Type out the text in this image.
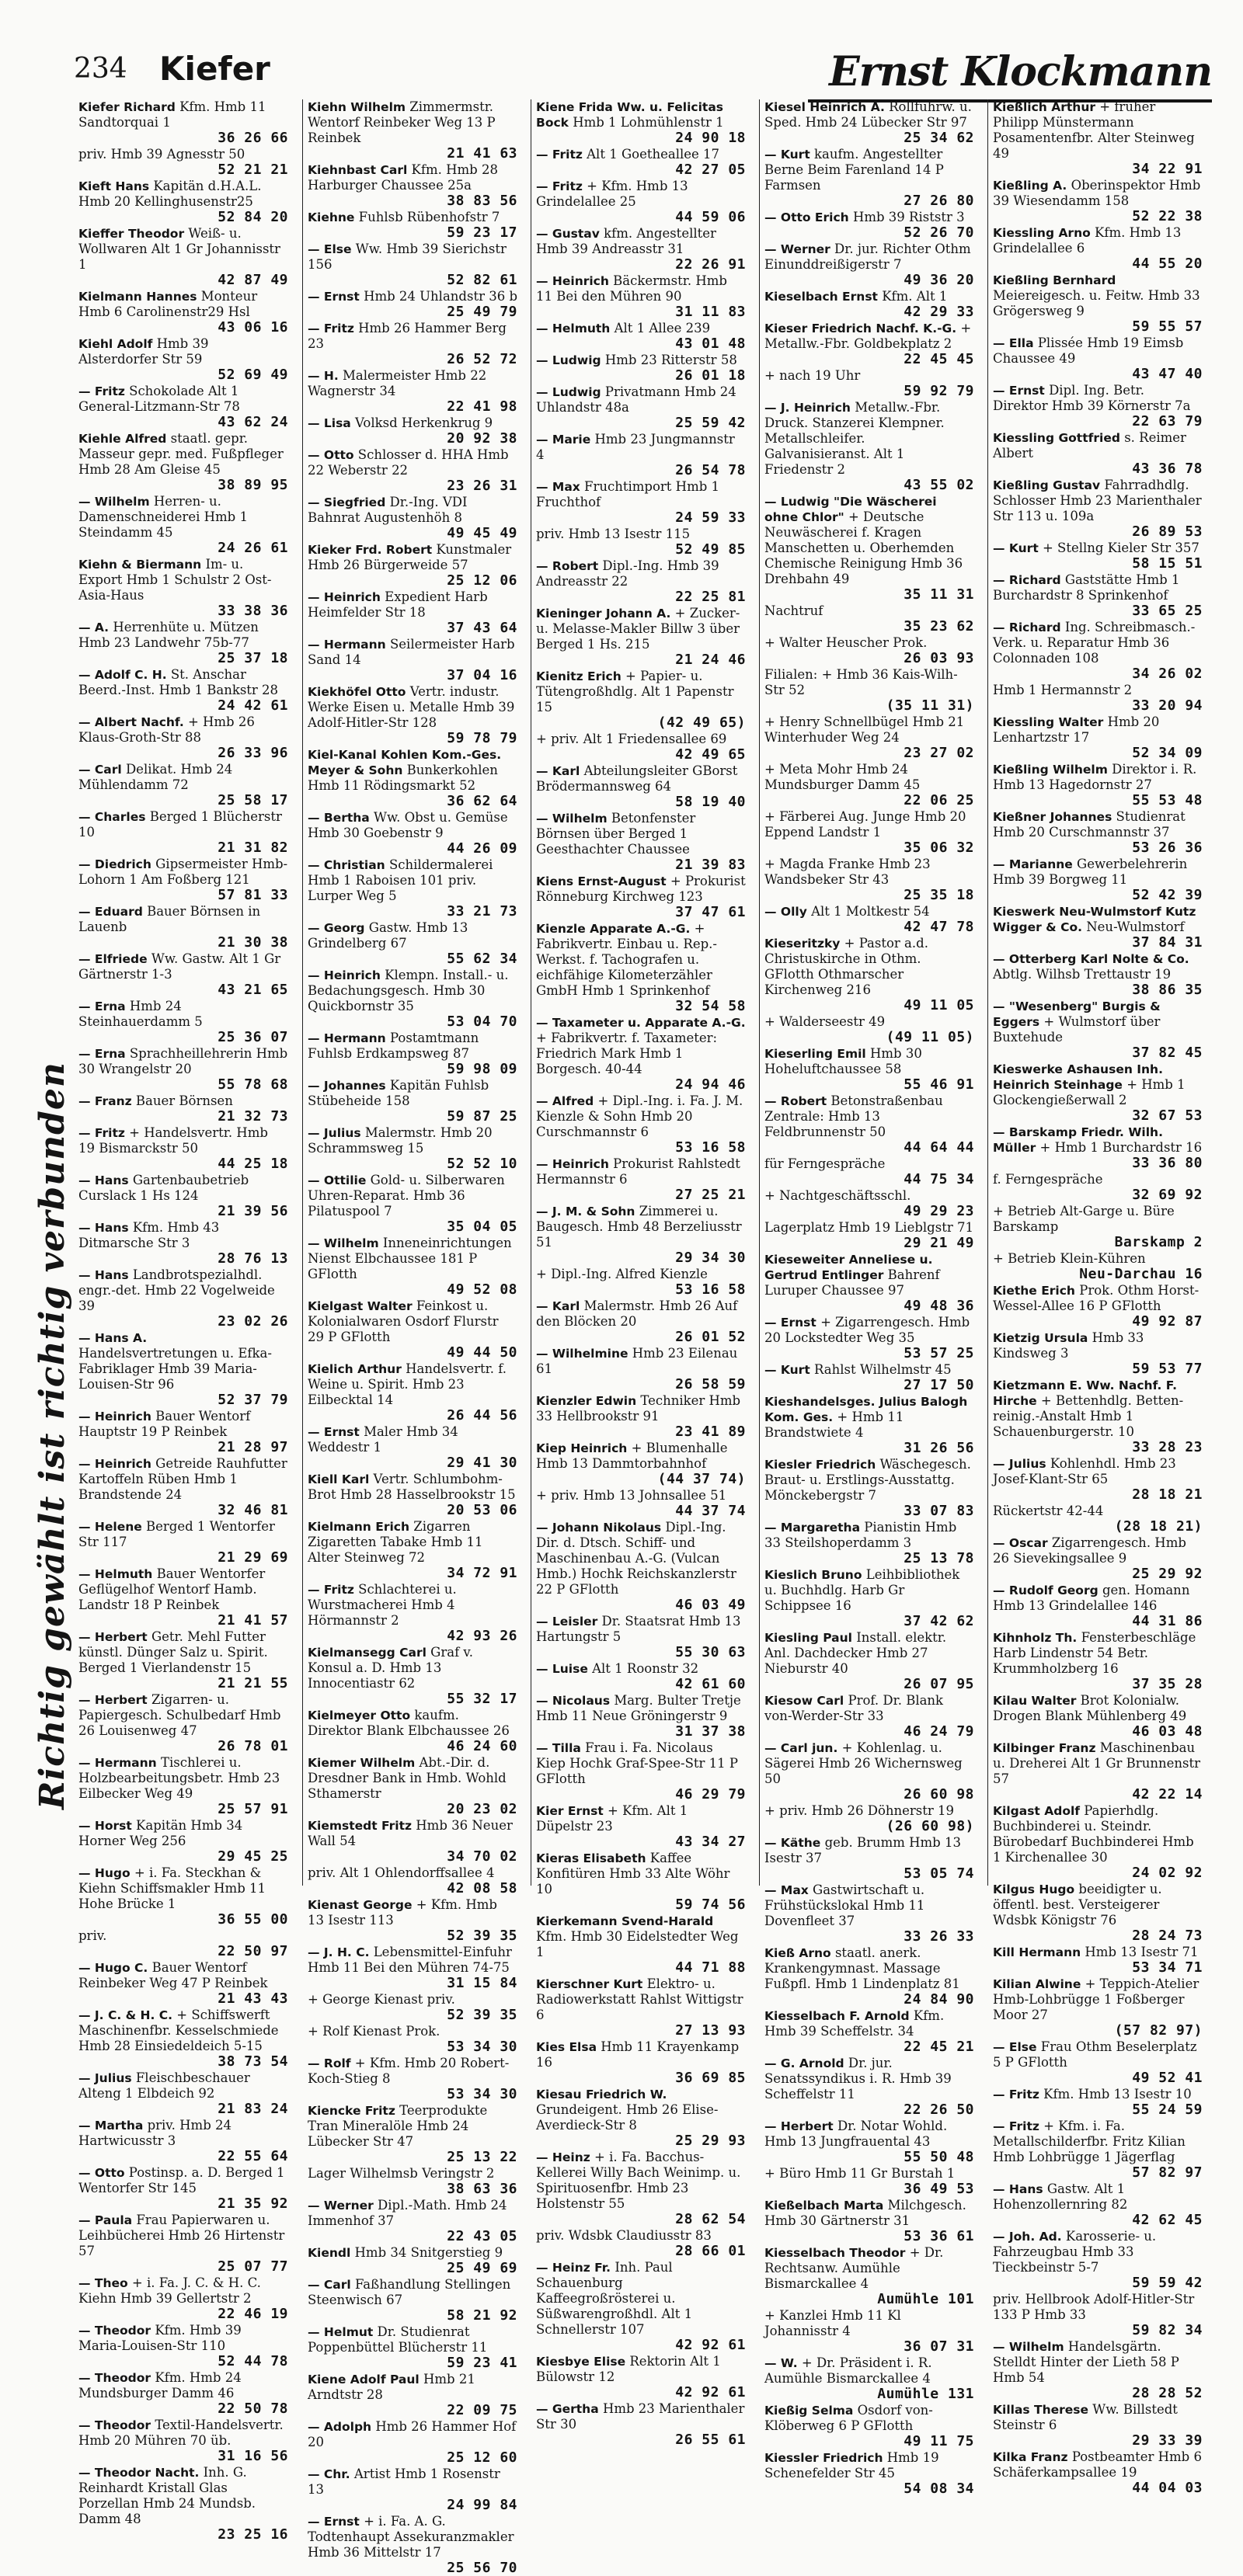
234 Kiefer	Ernst Klockmann
Richtig gewählt ist richtig verbunden
Kiefer Richard Kfm. Hmb 11 Sandtorquai 1
36 26 66
priv. Hmb 39 Agnesstr 50
52 21 21
Kieft Hans Kapitän d.H.A.L. Hmb 20 Kellinghusenstr25
52 84 20
Kieffer Theodor Weiß- u. Wollwaren Alt 1 Gr Johannisstr 1
42 87 49
Kielmann Hannes Monteur Hmb 6 Carolinenstr29 Hsl
43 06 16
Kiehl Adolf Hmb 39 Alsterdorfer Str 59
52 69 49
— Fritz Schokolade Alt 1 General-Litzmann-Str 78
43 62 24
Kiehle Alfred staatl. gepr. Masseur gepr. med. Fußpfleger Hmb 28 Am Gleise 45
38 89 95
— Wilhelm Herren- u. Damenschneiderei Hmb 1 Steindamm 45
24 26 61
Kiehn & Biermann Im- u. Export Hmb 1 Schulstr 2 Ost-Asia-Haus
33 38 36
— A. Herrenhüte u. Mützen Hmb 23 Landwehr 75b-77
25 37 18
— Adolf C. H. St. Anschar Beerd.-Inst. Hmb 1 Bankstr 28
24 42 61
— Albert Nachf. + Hmb 26 Klaus-Groth-Str 88
26 33 96
— Carl Delikat. Hmb 24 Mühlendamm 72
25 58 17
— Charles Berged 1 Blücherstr 10
21 31 82
— Diedrich Gipsermeister Hmb-Lohorn 1 Am Foßberg 121
57 81 33
— Eduard Bauer Börnsen in Lauenb
21 30 38
— Elfriede Ww. Gastw. Alt 1 Gr Gärtnerstr 1-3
43 21 65
— Erna Hmb 24 Steinhauerdamm 5
25 36 07
— Erna Sprachheillehrerin Hmb 30 Wrangelstr 20
55 78 68
— Franz Bauer Börnsen
21 32 73
— Fritz + Handelsvertr. Hmb 19 Bismarckstr 50
44 25 18
— Hans Gartenbaubetrieb Curslack 1 Hs 124
21 39 56
— Hans Kfm. Hmb 43 Ditmarsche Str 3
28 76 13
— Hans Landbrotspezialhdl. engr.-det. Hmb 22 Vogelweide 39
23 02 26
— Hans A. Handelsvertretungen u. Efka-Fabriklager Hmb 39 Maria-Louisen-Str 96
52 37 79
— Heinrich Bauer Wentorf Hauptstr 19 P Reinbek
21 28 97
— Heinrich Getreide Rauhfutter Kartoffeln Rüben Hmb 1 Brandstende 24
32 46 81
— Helene Berged 1 Wentorfer Str 117
21 29 69
— Helmuth Bauer Wentorfer Geflügelhof Wentorf Hamb. Landstr 18 P Reinbek
21 41 57
— Herbert Getr. Mehl Futter künstl. Dünger Salz u. Spirit. Berged 1 Vierlandenstr 15
21 21 55
— Herbert Zigarren- u. Papiergesch. Schulbedarf Hmb 26 Louisenweg 47
26 78 01
— Hermann Tischlerei u. Holzbearbeitungsbetr. Hmb 23 Eilbecker Weg 49
25 57 91
— Horst Kapitän Hmb 34 Horner Weg 256
29 45 25
— Hugo + i. Fa. Steckhan & Kiehn Schiffsmakler Hmb 11 Hohe Brücke 1
36 55 00
priv.
22 50 97
— Hugo C. Bauer Wentorf Reinbeker Weg 47 P Reinbek
21 43 43
— J. C. & H. C. + Schiffswerft Maschinenfbr. Kesselschmiede Hmb 28 Einsiedeldeich 5-15
38 73 54
— Julius Fleischbeschauer Alteng 1 Elbdeich 92
21 83 24
— Martha priv. Hmb 24 Hartwicusstr 3
22 55 64
— Otto Postinsp. a. D. Berged 1 Wentorfer Str 145
21 35 92
— Paula Frau Papierwaren u. Leihbücherei Hmb 26 Hirtenstr 57
25 07 77
— Theo + i. Fa. J. C. & H. C. Kiehn Hmb 39 Gellertstr 2
22 46 19
— Theodor Kfm. Hmb 39 Maria-Louisen-Str 110
52 44 78
— Theodor Kfm. Hmb 24 Mundsburger Damm 46
22 50 78
— Theodor Textil-Handelsvertr. Hmb 20 Mühren 70 üb.
31 16 56
— Theodor Nacht. Inh. G. Reinhardt Kristall Glas Porzellan Hmb 24 Mundsb. Damm 48
23 25 16
Kiehn Wilhelm Zimmermstr. Wentorf Reinbeker Weg 13 P Reinbek
21 41 63
Kiehnbast Carl Kfm. Hmb 28 Harburger Chaussee 25a
38 83 56
Kiehne Fuhlsb Rübenhofstr 7
59 23 17
— Else Ww. Hmb 39 Sierichstr 156
52 82 61
— Ernst Hmb 24 Uhlandstr 36 b
25 49 79
— Fritz Hmb 26 Hammer Berg 23
26 52 72
— H. Malermeister Hmb 22 Wagnerstr 34
22 41 98
— Lisa Volksd Herkenkrug 9
20 92 38
— Otto Schlosser d. HHA Hmb 22 Weberstr 22
23 26 31
— Siegfried Dr.-Ing. VDI Bahnrat Augustenhöh 8
49 45 49
Kieker Frd. Robert Kunstmaler Hmb 26 Bürgerweide 57
25 12 06
— Heinrich Expedient Harb Heimfelder Str 18
37 43 64
— Hermann Seilermeister Harb Sand 14
37 04 16
Kiekhöfel Otto Vertr. industr. Werke Eisen u. Metalle Hmb 39 Adolf-Hitler-Str 128
59 78 79
Kiel-Kanal Kohlen Kom.-Ges. Meyer & Sohn Bunkerkohlen Hmb 11 Rödingsmarkt 52
36 62 64
— Bertha Ww. Obst u. Gemüse Hmb 30 Goebenstr 9
44 26 09
— Christian Schildermalerei Hmb 1 Raboisen 101 priv. Lurper Weg 5
33 21 73
— Georg Gastw. Hmb 13 Grindelberg 67
55 62 34
— Heinrich Klempn. Install.- u. Bedachungsgesch. Hmb 30 Quickbornstr 35
53 04 70
— Hermann Postamtmann Fuhlsb Erdkampsweg 87
59 98 09
— Johannes Kapitän Fuhlsb Stübeheide 158
59 87 25
— Julius Malermstr. Hmb 20 Schrammsweg 15
52 52 10
— Ottilie Gold- u. Silberwaren Uhren-Reparat. Hmb 36 Pilatuspool 7
35 04 05
— Wilhelm Inneneinrichtungen Nienst Elbchaussee 181 P GFlotth
49 52 08
Kielgast Walter Feinkost u. Kolonialwaren Osdorf Flurstr 29 P GFlotth
49 44 50
Kielich Arthur Handelsvertr. f. Weine u. Spirit. Hmb 23 Eilbecktal 14
26 44 56
— Ernst Maler Hmb 34 Weddestr 1
29 41 30
Kiell Karl Vertr. Schlumbohm-Brot Hmb 28 Hasselbrookstr 15
20 53 06
Kielmann Erich Zigarren Zigaretten Tabake Hmb 11 Alter Steinweg 72
34 72 91
— Fritz Schlachterei u. Wurstmacherei Hmb 4 Hörmannstr 2
42 93 26
Kielmansegg Carl Graf v. Konsul a. D. Hmb 13 Innocentiastr 62
55 32 17
Kielmeyer Otto kaufm. Direktor Blank Elbchaussee 26
46 24 60
Kiemer Wilhelm Abt.-Dir. d. Dresdner Bank in Hmb. Wohld Sthamerstr
20 23 02
Kiemstedt Fritz Hmb 36 Neuer Wall 54
34 70 02
priv. Alt 1 Ohlendorffsallee 4
42 08 58
Kienast George + Kfm. Hmb 13 Isestr 113
52 39 35
— J. H. C. Lebensmittel-Einfuhr Hmb 11 Bei den Mühren 74-75
31 15 84
+ George Kienast priv.
52 39 35
+ Rolf Kienast Prok.
53 34 30
— Rolf + Kfm. Hmb 20 Robert-Koch-Stieg 8
53 34 30
Kiencke Fritz Teerprodukte Tran Mineralöle Hmb 24 Lübecker Str 47
25 13 22
Lager Wilhelmsb Veringstr 2
38 63 36
— Werner Dipl.-Math. Hmb 24 Immenhof 37
22 43 05
Kiendl Hmb 34 Snitgerstieg 9
25 49 69
— Carl Faßhandlung Stellingen Steenwisch 67
58 21 92
— Helmut Dr. Studienrat Poppenbüttel Blücherstr 11
59 23 41
Kiene Adolf Paul Hmb 21 Arndtstr 28
22 09 75
— Adolph Hmb 26 Hammer Hof 20
25 12 60
— Chr. Artist Hmb 1 Rosenstr 13
24 99 84
— Ernst + i. Fa. A. G. Todtenhaupt Assekuranzmakler Hmb 36 Mittelstr 17
25 56 70
Kiene Frida Ww. u. Felicitas Bock Hmb 1 Lohmühlenstr 1
24 90 18
— Fritz Alt 1 Goetheallee 17
42 27 05
— Fritz + Kfm. Hmb 13 Grindelallee 25
44 59 06
— Gustav kfm. Angestellter Hmb 39 Andreasstr 31
22 26 91
— Heinrich Bäckermstr. Hmb 11 Bei den Mühren 90
31 11 83
— Helmuth Alt 1 Allee 239
43 01 48
— Ludwig Hmb 23 Ritterstr 58
26 01 18
— Ludwig Privatmann Hmb 24 Uhlandstr 48a
25 59 42
— Marie Hmb 23 Jungmannstr 4
26 54 78
— Max Fruchtimport Hmb 1 Fruchthof
24 59 33
priv. Hmb 13 Isestr 115
52 49 85
— Robert Dipl.-Ing. Hmb 39 Andreasstr 22
22 25 81
Kieninger Johann A. + Zucker- u. Melasse-Makler Billw 3 über Berged 1 Hs. 215
21 24 46
Kienitz Erich + Papier- u. Tütengroßhdlg. Alt 1 Papenstr 15
(42 49 65)
+ priv. Alt 1 Friedensallee 69
42 49 65
— Karl Abteilungsleiter GBorst Brödermannsweg 64
58 19 40
— Wilhelm Betonfenster Börnsen über Berged 1 Geesthachter Chaussee
21 39 83
Kiens Ernst-August + Prokurist Rönneburg Kirchweg 123
37 47 61
Kienzle Apparate A.-G. + Fabrikvertr. Einbau u. Rep.-Werkst. f. Tachografen u. eichfähige Kilometerzähler GmbH Hmb 1 Sprinkenhof
32 54 58
— Taxameter u. Apparate A.-G. + Fabrikvertr. f. Taxameter: Friedrich Mark Hmb 1 Borgesch. 40-44
24 94 46
— Alfred + Dipl.-Ing. i. Fa. J. M. Kienzle & Sohn Hmb 20 Curschmannstr 6
53 16 58
— Heinrich Prokurist Rahlstedt Hermannstr 6
27 25 21
— J. M. & Sohn Zimmerei u. Baugesch. Hmb 48 Berzeliusstr 51
29 34 30
+ Dipl.-Ing. Alfred Kienzle
53 16 58
— Karl Malermstr. Hmb 26 Auf den Blöcken 20
26 01 52
— Wilhelmine Hmb 23 Eilenau 61
26 58 59
Kienzler Edwin Techniker Hmb 33 Hellbrookstr 91
23 41 89
Kiep Heinrich + Blumenhalle Hmb 13 Dammtorbahnhof
(44 37 74)
+ priv. Hmb 13 Johnsallee 51
44 37 74
— Johann Nikolaus Dipl.-Ing. Dir. d. Dtsch. Schiff- und Maschinenbau A.-G. (Vulcan Hmb.) Hochk Reichskanzlerstr 22 P GFlotth
46 03 49
— Leisler Dr. Staatsrat Hmb 13 Hartungstr 5
55 30 63
— Luise Alt 1 Roonstr 32
42 61 60
— Nicolaus Marg. Bulter Tretje Hmb 11 Neue Gröningerstr 9
31 37 38
— Tilla Frau i. Fa. Nicolaus Kiep Hochk Graf-Spee-Str 11 P GFlotth
46 29 79
Kier Ernst + Kfm. Alt 1 Düpelstr 23
43 34 27
Kieras Elisabeth Kaffee Konfitüren Hmb 33 Alte Wöhr 10
59 74 56
Kierkemann Svend-Harald Kfm. Hmb 30 Eidelstedter Weg 1
44 71 88
Kierschner Kurt Elektro- u. Radiowerkstatt Rahlst Wittigstr 6
27 13 93
Kies Elsa Hmb 11 Krayenkamp 16
36 69 85
Kiesau Friedrich W. Grundeigent. Hmb 26 Elise-Averdieck-Str 8
25 29 93
— Heinz + i. Fa. Bacchus-Kellerei Willy Bach Weinimp. u. Spirituosenfbr. Hmb 23 Holstenstr 55
28 62 54
priv. Wdsbk Claudiusstr 83
28 66 01
— Heinz Fr. Inh. Paul Schauenburg Kaffeegroßrösterei u. Süßwarengroßhdl. Alt 1 Schnellerstr 107
42 92 61
Kiesbye Elise Rektorin Alt 1 Bülowstr 12
42 92 61
— Gertha Hmb 23 Marienthaler Str 30
26 55 61
Kiesel Heinrich A. Rollfuhrw. u. Sped. Hmb 24 Lübecker Str 97
25 34 62
— Kurt kaufm. Angestellter Berne Beim Farenland 14 P Farmsen
27 26 80
— Otto Erich Hmb 39 Riststr 3
52 26 70
— Werner Dr. jur. Richter Othm Einunddreißigerstr 7
49 36 20
Kieselbach Ernst Kfm. Alt 1
42 29 33
Kieser Friedrich Nachf. K.-G. + Metallw.-Fbr. Goldbekplatz 2
22 45 45
+ nach 19 Uhr
59 92 79
— J. Heinrich Metallw.-Fbr. Druck. Stanzerei Klempner. Metallschleifer. Galvanisieranst. Alt 1 Friedenstr 2
43 55 02
— Ludwig "Die Wäscherei ohne Chlor" + Deutsche Neuwäscherei f. Kragen Manschetten u. Oberhemden Chemische Reinigung Hmb 36 Drehbahn 49
35 11 31
Nachtruf
35 23 62
+ Walter Heuscher Prok.
26 03 93
Filialen: + Hmb 36 Kais-Wilh-Str 52
(35 11 31)
+ Henry Schnellbügel Hmb 21 Winterhuder Weg 24
23 27 02
+ Meta Mohr Hmb 24 Mundsburger Damm 45
22 06 25
+ Färberei Aug. Junge Hmb 20 Eppend Landstr 1
35 06 32
+ Magda Franke Hmb 23 Wandsbeker Str 43
25 35 18
— Olly Alt 1 Moltkestr 54
42 47 78
Kieseritzky + Pastor a.d. Christuskirche in Othm. GFlotth Othmarscher Kirchenweg 216
49 11 05
+ Walderseestr 49
(49 11 05)
Kieserling Emil Hmb 30 Hoheluftchaussee 58
55 46 91
— Robert Betonstraßenbau Zentrale: Hmb 13 Feldbrunnenstr 50
44 64 44
für Ferngespräche
44 75 34
+ Nachtgeschäftsschl.
49 29 23
Lagerplatz Hmb 19 Lieblgstr 71
29 21 49
Kieseweiter Anneliese u. Gertrud Entlinger Bahrenf Luruper Chaussee 97
49 48 36
— Ernst + Zigarrengesch. Hmb 20 Lockstedter Weg 35
53 57 25
— Kurt Rahlst Wilhelmstr 45
27 17 50
Kieshandelsges. Julius Balogh Kom. Ges. + Hmb 11 Brandstwiete 4
31 26 56
Kiesler Friedrich Wäschegesch. Braut- u. Erstlings-Ausstattg. Mönckebergstr 7
33 07 83
— Margaretha Pianistin Hmb 33 Steilshoperdamm 3
25 13 78
Kieslich Bruno Leihbibliothek u. Buchhdlg. Harb Gr Schippsee 16
37 42 62
Kiesling Paul Install. elektr. Anl. Dachdecker Hmb 27 Nieburstr 40
26 07 95
Kiesow Carl Prof. Dr. Blank von-Werder-Str 33
46 24 79
— Carl jun. + Kohlenlag. u. Sägerei Hmb 26 Wichernsweg 50
26 60 98
+ priv. Hmb 26 Döhnerstr 19
(26 60 98)
— Käthe geb. Brumm Hmb 13 Isestr 37
53 05 74
— Max Gastwirtschaft u. Frühstückslokal Hmb 11 Dovenfleet 37
33 26 33
Kieß Arno staatl. anerk. Krankengymnast. Massage Fußpfl. Hmb 1 Lindenplatz 81
24 84 90
Kiesselbach F. Arnold Kfm. Hmb 39 Scheffelstr. 34
22 45 21
— G. Arnold Dr. jur. Senatssyndikus i. R. Hmb 39 Scheffelstr 11
22 26 50
— Herbert Dr. Notar Wohld. Hmb 13 Jungfrauental 43
55 50 48
+ Büro Hmb 11 Gr Burstah 1
36 49 53
Kießelbach Marta Milchgesch. Hmb 30 Gärtnerstr 31
53 36 61
Kiesselbach Theodor + Dr. Rechtsanw. Aumühle Bismarckallee 4
Aumühle 101
+ Kanzlei Hmb 11 Kl Johannisstr 4
36 07 31
— W. + Dr. Präsident i. R. Aumühle Bismarckallee 4
Aumühle 131
Kießig Selma Osdorf von-Klöberweg 6 P GFlotth
49 11 75
Kiessler Friedrich Hmb 19 Schenefelder Str 45
54 08 34
Kießlich Arthur + früher Philipp Münstermann Posamentenfbr. Alter Steinweg 49
34 22 91
Kießling A. Oberinspektor Hmb 39 Wiesendamm 158
52 22 38
Kiessling Arno Kfm. Hmb 13 Grindelallee 6
44 55 20
Kießling Bernhard Meiereigesch. u. Feitw. Hmb 33 Grögersweg 9
59 55 57
— Ella Plissée Hmb 19 Eimsb Chaussee 49
43 47 40
— Ernst Dipl. Ing. Betr. Direktor Hmb 39 Körnerstr 7a
22 63 79
Kiessling Gottfried s. Reimer Albert
43 36 78
Kießling Gustav Fahrradhdlg. Schlosser Hmb 23 Marienthaler Str 113 u. 109a
26 89 53
— Kurt + Stellng Kieler Str 357
58 15 51
— Richard Gaststätte Hmb 1 Burchardstr 8 Sprinkenhof
33 65 25
— Richard Ing. Schreibmasch.-Verk. u. Reparatur Hmb 36 Colonnaden 108
34 26 02
Hmb 1 Hermannstr 2
33 20 94
Kiessling Walter Hmb 20 Lenhartzstr 17
52 34 09
Kießling Wilhelm Direktor i. R. Hmb 13 Hagedornstr 27
55 53 48
Kießner Johannes Studienrat Hmb 20 Curschmannstr 37
53 26 36
— Marianne Gewerbelehrerin Hmb 39 Borgweg 11
52 42 39
Kieswerk Neu-Wulmstorf Kutz Wigger & Co. Neu-Wulmstorf
37 84 31
— Otterberg Karl Nolte & Co. Abtlg. Wilhsb Trettaustr 19
38 86 35
— "Wesenberg" Burgis & Eggers + Wulmstorf über Buxtehude
37 82 45
Kieswerke Ashausen Inh. Heinrich Steinhage + Hmb 1 Glockengießerwall 2
32 67 53
— Barskamp Friedr. Wilh. Müller + Hmb 1 Burchardstr 16
33 36 80
f. Ferngespräche
32 69 92
+ Betrieb Alt-Garge u. Büre Barskamp
Barskamp 2
+ Betrieb Klein-Kühren
Neu-Darchau 16
Kiethe Erich Prok. Othm Horst-Wessel-Allee 16 P GFlotth
49 92 87
Kietzig Ursula Hmb 33 Kindsweg 3
59 53 77
Kietzmann E. Ww. Nachf. F. Hirche + Bettenhdlg. Betten-reinig.-Anstalt Hmb 1 Schauenburgerstr. 10
33 28 23
— Julius Kohlenhdl. Hmb 23 Josef-Klant-Str 65
28 18 21
Rückertstr 42-44
(28 18 21)
— Oscar Zigarrengesch. Hmb 26 Sievekingsallee 9
25 29 92
— Rudolf Georg gen. Homann Hmb 13 Grindelallee 146
44 31 86
Kihnholz Th. Fensterbeschläge Harb Lindenstr 54 Betr. Krummholzberg 16
37 35 28
Kilau Walter Brot Kolonialw. Drogen Blank Mühlenberg 49
46 03 48
Kilbinger Franz Maschinenbau u. Dreherei Alt 1 Gr Brunnenstr 57
42 22 14
Kilgast Adolf Papierhdlg. Buchbinderei u. Steindr. Bürobedarf Buchbinderei Hmb 1 Kirchenallee 30
24 02 92
Kilgus Hugo beeidigter u. öffentl. best. Versteigerer Wdsbk Königstr 76
28 24 73
Kill Hermann Hmb 13 Isestr 71
53 34 71
Kilian Alwine + Teppich-Atelier Hmb-Lohbrügge 1 Foßberger Moor 27
(57 82 97)
— Else Frau Othm Beselerplatz 5 P GFlotth
49 52 41
— Fritz Kfm. Hmb 13 Isestr 10
55 24 59
— Fritz + Kfm. i. Fa. Metallschilderfbr. Fritz Kilian Hmb Lohbrügge 1 Jägerflag
57 82 97
— Hans Gastw. Alt 1 Hohenzollernring 82
42 62 45
— Joh. Ad. Karosserie- u. Fahrzeugbau Hmb 33 Tieckbeinstr 5-7
59 59 42
priv. Hellbrook Adolf-Hitler-Str 133 P Hmb 33
59 82 34
— Wilhelm Handelsgärtn. Stelldt Hinter der Lieth 58 P Hmb 54
28 28 52
Killas Therese Ww. Billstedt Steinstr 6
29 33 39
Kilka Franz Postbeamter Hmb 6 Schäferkampsallee 19
44 04 03
